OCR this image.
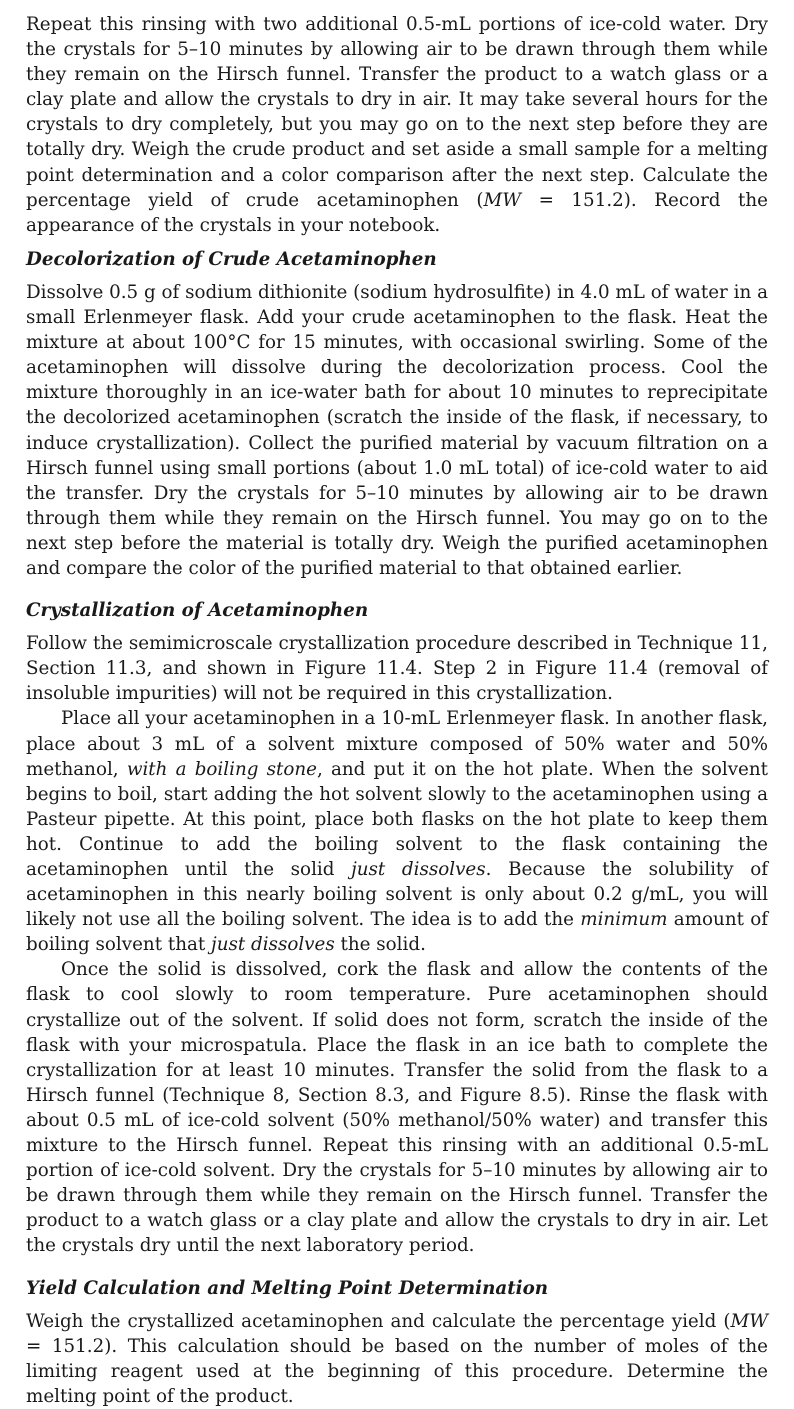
Repeat this rinsing with two additional 0.5-mL portions of ice-cold water. Dry the crystals for 5–10 minutes by allowing air to be drawn through them while they remain on the Hirsch funnel. Transfer the product to a watch glass or a clay plate and allow the crystals to dry in air. It may take several hours for the crystals to dry completely, but you may go on to the next step before they are totally dry. Weigh the crude product and set aside a small sample for a melting point determination and a color comparison after the next step. Calculate the percentage yield of crude acetaminophen (MW = 151.2). Record the appearance of the crystals in your notebook.

Decolorization of Crude Acetaminophen

Dissolve 0.5 g of sodium dithionite (sodium hydrosulfite) in 4.0 mL of water in a small Erlenmeyer flask. Add your crude acetaminophen to the flask. Heat the mixture at about 100°C for 15 minutes, with occasional swirling. Some of the acetaminophen will dissolve during the decolorization process. Cool the mixture thoroughly in an ice-water bath for about 10 minutes to reprecipitate the decolorized acetaminophen (scratch the inside of the flask, if necessary, to induce crystallization). Collect the purified material by vacuum filtration on a Hirsch funnel using small portions (about 1.0 mL total) of ice-cold water to aid the transfer. Dry the crystals for 5–10 minutes by allowing air to be drawn through them while they remain on the Hirsch funnel. You may go on to the next step before the material is totally dry. Weigh the purified acetaminophen and compare the color of the purified material to that obtained earlier.

Crystallization of Acetaminophen

Follow the semimicroscale crystallization procedure described in Technique 11, Section 11.3, and shown in Figure 11.4. Step 2 in Figure 11.4 (removal of insoluble impurities) will not be required in this crystallization.

Place all your acetaminophen in a 10-mL Erlenmeyer flask. In another flask, place about 3 mL of a solvent mixture composed of 50% water and 50% methanol, with a boiling stone, and put it on the hot plate. When the solvent begins to boil, start adding the hot solvent slowly to the acetaminophen using a Pasteur pipette. At this point, place both flasks on the hot plate to keep them hot. Continue to add the boiling solvent to the flask containing the acetaminophen until the solid just dissolves. Because the solubility of acetaminophen in this nearly boiling solvent is only about 0.2 g/mL, you will likely not use all the boiling solvent. The idea is to add the minimum amount of boiling solvent that just dissolves the solid.

Once the solid is dissolved, cork the flask and allow the contents of the flask to cool slowly to room temperature. Pure acetaminophen should crystallize out of the solvent. If solid does not form, scratch the inside of the flask with your microspatula. Place the flask in an ice bath to complete the crystallization for at least 10 minutes. Transfer the solid from the flask to a Hirsch funnel (Technique 8, Section 8.3, and Figure 8.5). Rinse the flask with about 0.5 mL of ice-cold solvent (50% methanol/50% water) and transfer this mixture to the Hirsch funnel. Repeat this rinsing with an additional 0.5-mL portion of ice-cold solvent. Dry the crystals for 5–10 minutes by allowing air to be drawn through them while they remain on the Hirsch funnel. Transfer the product to a watch glass or a clay plate and allow the crystals to dry in air. Let the crystals dry until the next laboratory period.

Yield Calculation and Melting Point Determination

Weigh the crystallized acetaminophen and calculate the percentage yield (MW = 151.2). This calculation should be based on the number of moles of the limiting reagent used at the beginning of this procedure. Determine the melting point of the product.
